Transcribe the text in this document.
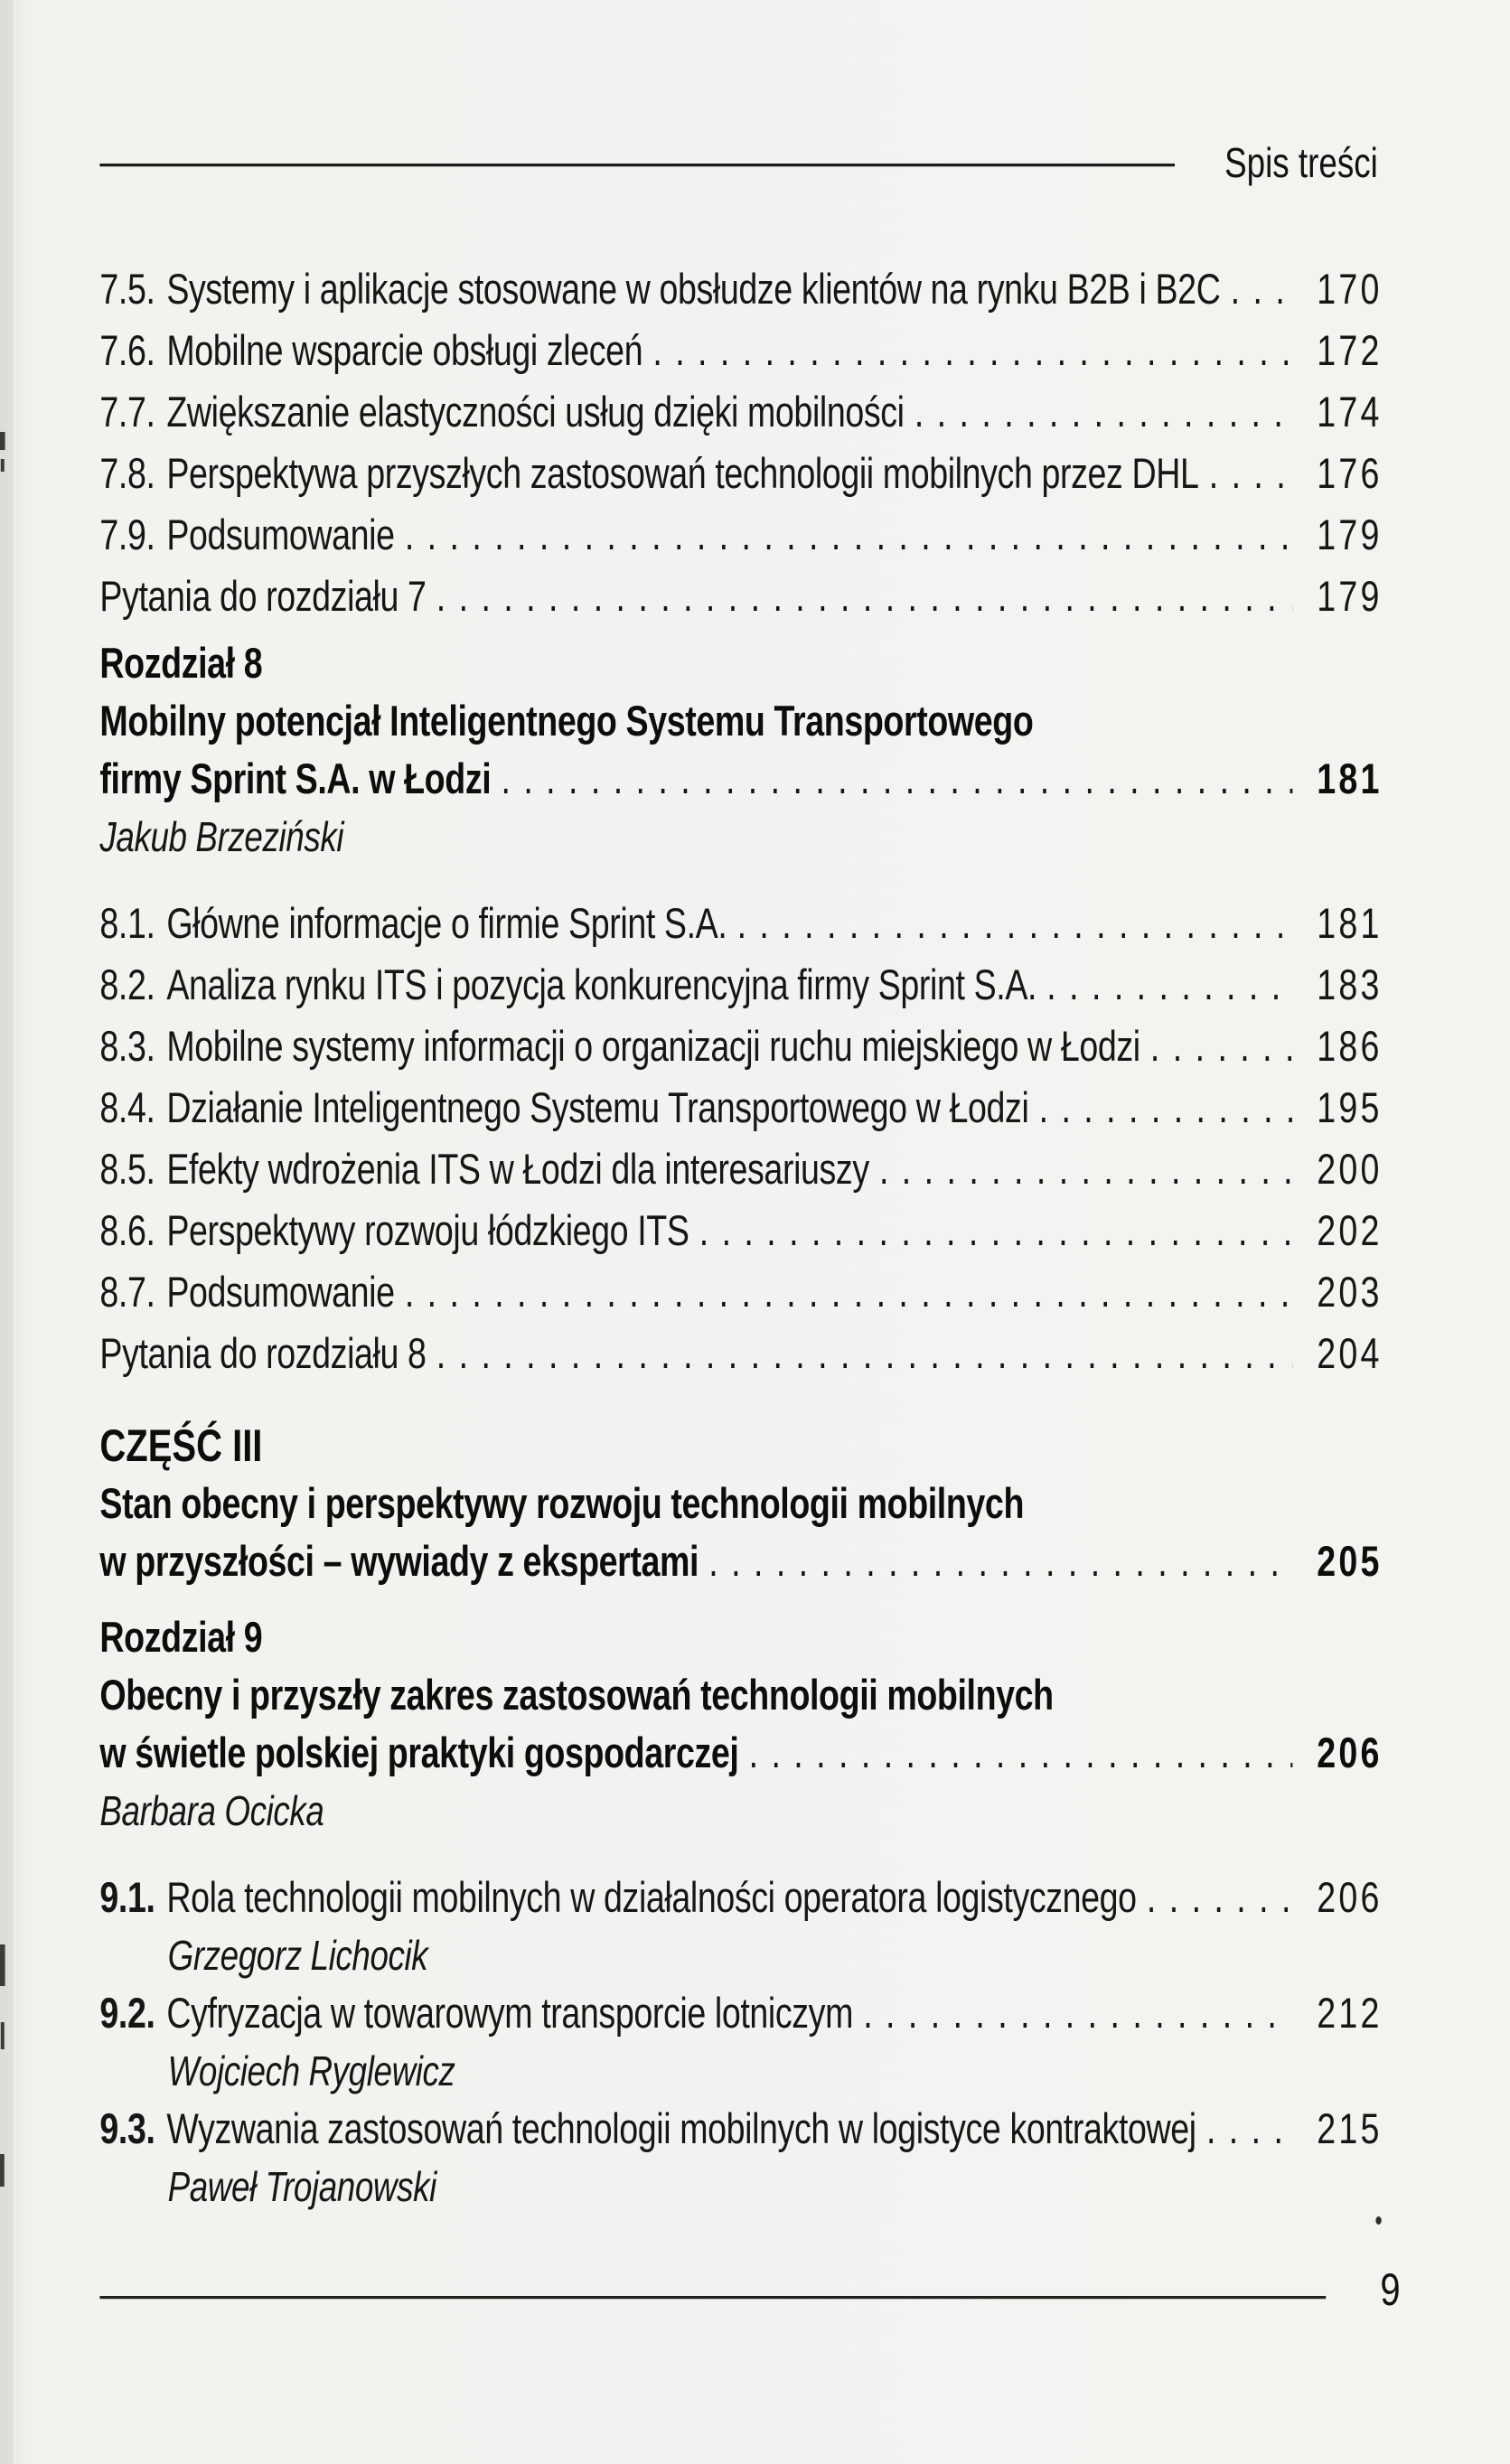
Spis treści
7.5. Systemy i aplikacje stosowane w obsłudze klientów na rynku B2B i B2C .....	170
7.6. Mobilne wsparcie obsługi zleceń .....	172
7.7. Zwiększanie elastyczności usług dzięki mobilności .....	174
7.8. Perspektywa przyszłych zastosowań technologii mobilnych przez DHL .....	176
7.9. Podsumowanie .....	179
Pytania do rozdziału 7 .....	179
Rozdział 8
Mobilny potencjał Inteligentnego Systemu Transportowego
firmy Sprint S.A. w Łodzi .....	181
Jakub Brzeziński
8.1. Główne informacje o firmie Sprint S.A. .....	181
8.2. Analiza rynku ITS i pozycja konkurencyjna firmy Sprint S.A. .....	183
8.3. Mobilne systemy informacji o organizacji ruchu miejskiego w Łodzi .....	186
8.4. Działanie Inteligentnego Systemu Transportowego w Łodzi .....	195
8.5. Efekty wdrożenia ITS w Łodzi dla interesariuszy .....	200
8.6. Perspektywy rozwoju łódzkiego ITS .....	202
8.7. Podsumowanie .....	203
Pytania do rozdziału 8 .....	204
CZĘŚĆ III
Stan obecny i perspektywy rozwoju technologii mobilnych
w przyszłości – wywiady z ekspertami .....	205
Rozdział 9
Obecny i przyszły zakres zastosowań technologii mobilnych
w świetle polskiej praktyki gospodarczej .....	206
Barbara Ocicka
9.1. Rola technologii mobilnych w działalności operatora logistycznego .....	206
Grzegorz Lichocik
9.2. Cyfryzacja w towarowym transporcie lotniczym .....	212
Wojciech Ryglewicz
9.3. Wyzwania zastosowań technologii mobilnych w logistyce kontraktowej .....	215
Paweł Trojanowski
9
